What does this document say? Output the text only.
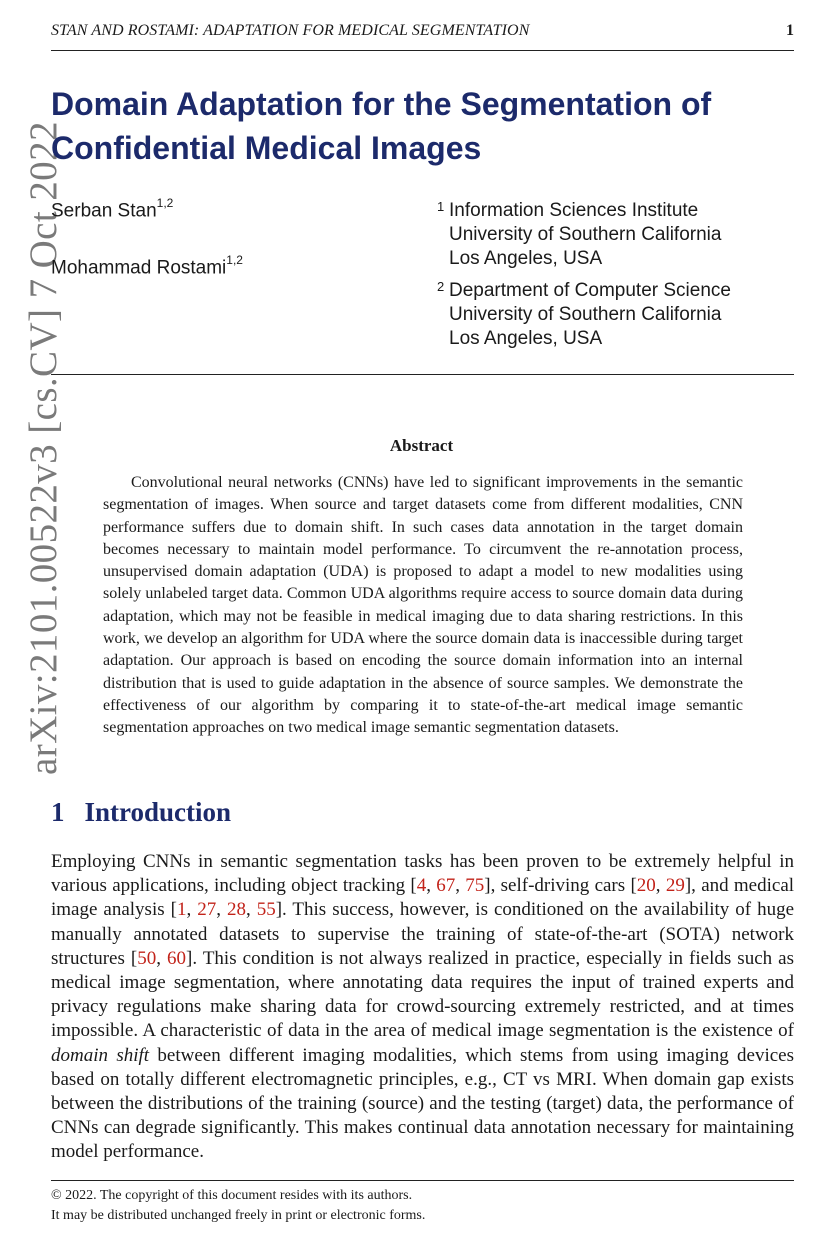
STAN AND ROSTAMI: ADAPTATION FOR MEDICAL SEGMENTATION	1
arXiv:2101.00522v3 [cs.CV] 7 Oct 2022
Domain Adaptation for the Segmentation of Confidential Medical Images
Serban Stan$^{1,2}$
Mohammad Rostami$^{1,2}$
1 Information Sciences Institute
University of Southern California
Los Angeles, USA
2 Department of Computer Science
University of Southern California
Los Angeles, USA
Abstract

Convolutional neural networks (CNNs) have led to significant improvements in the semantic segmentation of images. When source and target datasets come from different modalities, CNN performance suffers due to domain shift. In such cases data annotation in the target domain becomes necessary to maintain model performance. To circumvent the re-annotation process, unsupervised domain adaptation (UDA) is proposed to adapt a model to new modalities using solely unlabeled target data. Common UDA algorithms require access to source domain data during adaptation, which may not be feasible in medical imaging due to data sharing restrictions. In this work, we develop an algorithm for UDA where the source domain data is inaccessible during target adaptation. Our approach is based on encoding the source domain information into an internal distribution that is used to guide adaptation in the absence of source samples. We demonstrate the effectiveness of our algorithm by comparing it to state-of-the-art medical image semantic segmentation approaches on two medical image semantic segmentation datasets.

1 Introduction

Employing CNNs in semantic segmentation tasks has been proven to be extremely helpful in various applications, including object tracking [4, 67, 75], self-driving cars [20, 29], and medical image analysis [1, 27, 28, 55]. This success, however, is conditioned on the availability of huge manually annotated datasets to supervise the training of state-of-the-art (SOTA) network structures [50, 60]. This condition is not always realized in practice, especially in fields such as medical image segmentation, where annotating data requires the input of trained experts and privacy regulations make sharing data for crowd-sourcing extremely restricted, and at times impossible. A characteristic of data in the area of medical image segmentation is the existence of domain shift between different imaging modalities, which stems from using imaging devices based on totally different electromagnetic principles, e.g., CT vs MRI. When domain gap exists between the distributions of the training (source) and the testing (target) data, the performance of CNNs can degrade significantly. This makes continual data annotation necessary for maintaining model performance.

© 2022. The copyright of this document resides with its authors.
It may be distributed unchanged freely in print or electronic forms.
